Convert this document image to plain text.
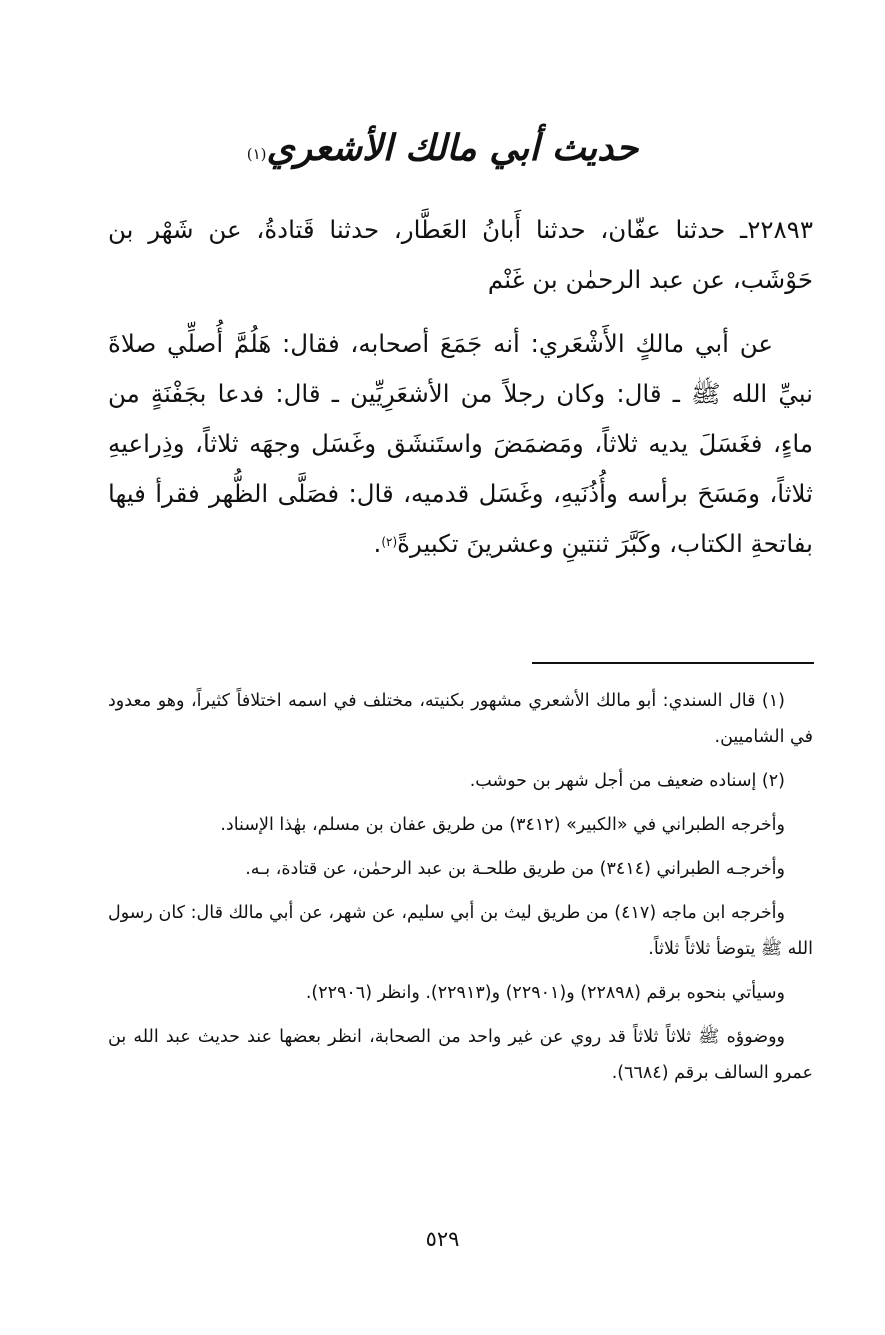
حديث أبي مالك الأشعري$^{(١)}$

٢٢٨٩٣ـ حدثنا عفّان، حدثنا أَبانُ العَطَّار، حدثنا قَتادةُ، عن شَهْر بن حَوْشَب، عن عبد الرحمٰن بن غَنْم

عن أبي مالكٍ الأَشْعَري: أنه جَمَعَ أصحابه، فقال: هَلُمَّ أُصلِّي صلاةَ نبيِّ الله ﷺ ـ قال: وكان رجلاً من الأشعَرِيِّين ـ قال: فدعا بجَفْنَةٍ من ماءٍ، فغَسَلَ يديه ثلاثاً، ومَضمَضَ واستَنشَق وغَسَل وجهَه ثلاثاً، وذِراعيهِ ثلاثاً، ومَسَحَ برأسه وأُذُنَيهِ، وغَسَل قدميه، قال: فصَلَّى الظُّهر فقرأ فيها بفاتحةِ الكتاب، وكَبَّرَ ثنتينِ وعشرينَ تكبيرةً$^{(٢)}$.

(١) قال السندي: أبو مالك الأشعري مشهور بكنيته، مختلف في اسمه اختلافاً كثيراً، وهو معدود في الشاميين.

(٢) إسناده ضعيف من أجل شهر بن حوشب.

وأخرجه الطبراني في «الكبير» (٣٤١٢) من طريق عفان بن مسلم، بهٰذا الإسناد.

وأخرجـه الطبراني (٣٤١٤) من طريق طلحـة بن عبد الرحمٰن، عن قتادة، بـه.

وأخرجه ابن ماجه (٤١٧) من طريق ليث بن أبي سليم، عن شهر، عن أبي مالك قال: كان رسول الله ﷺ يتوضأ ثلاثاً ثلاثاً.

وسيأتي بنحوه برقم (٢٢٨٩٨) و(٢٢٩٠١) و(٢٢٩١٣). وانظر (٢٢٩٠٦).

ووضوؤه ﷺ ثلاثاً ثلاثاً قد روي عن غير واحد من الصحابة، انظر بعضها عند حديث عبد الله بن عمرو السالف برقم (٦٦٨٤).

٥٢٩
